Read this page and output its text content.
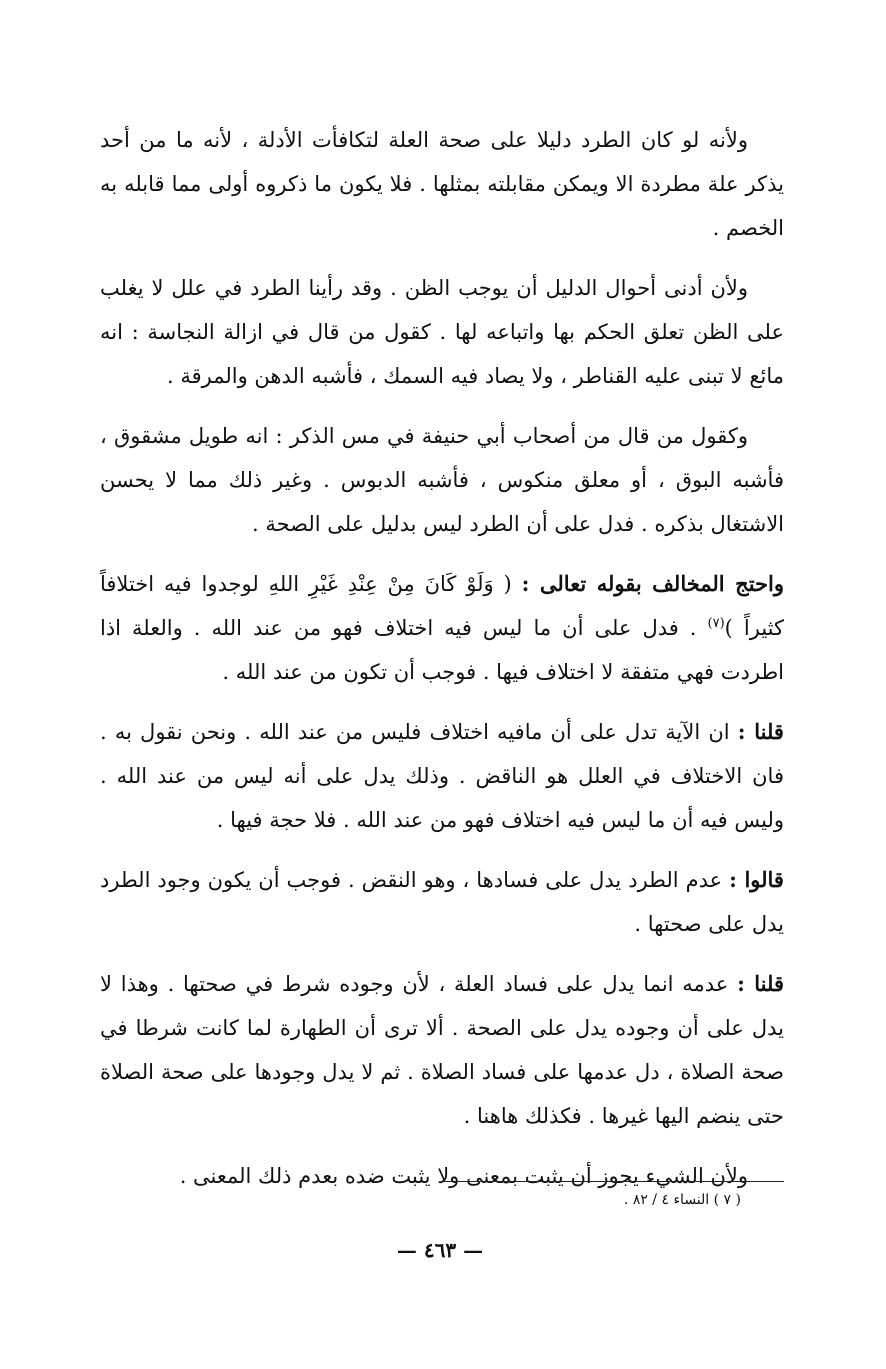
ولأنه لو كان الطرد دليلا على صحة العلة لتكافأت الأدلة ، لأنه ما من أحد يذكر علة مطردة الا ويمكن مقابلته بمثلها . فلا يكون ما ذكروه أولى مما قابله به الخصم .

ولأن أدنى أحوال الدليل أن يوجب الظن . وقد رأينا الطرد في علل لا يغلب على الظن تعلق الحكم بها واتباعه لها . كقول من قال في ازالة النجاسة : انه مائع لا تبنى عليه القناطر ، ولا يصاد فيه السمك ، فأشبه الدهن والمرقة .

وكقول من قال من أصحاب أبي حنيفة في مس الذكر : انه طويل مشقوق ، فأشبه البوق ، أو معلق منكوس ، فأشبه الدبوس . وغير ذلك مما لا يحسن الاشتغال بذكره . فدل على أن الطرد ليس بدليل على الصحة .

واحتج المخالف بقوله تعالى : ( وَلَوْ كَانَ مِنْ عِنْدِ غَيْرِ اللهِ لوجدوا فيه اختلافاً كثيراً )$^{(٧)}$ . فدل على أن ما ليس فيه اختلاف فهو من عند الله . والعلة اذا اطردت فهي متفقة لا اختلاف فيها . فوجب أن تكون من عند الله .

قلنا : ان الآية تدل على أن مافيه اختلاف فليس من عند الله . ونحن نقول به . فان الاختلاف في العلل هو الناقض . وذلك يدل على أنه ليس من عند الله . وليس فيه أن ما ليس فيه اختلاف فهو من عند الله . فلا حجة فيها .

قالوا : عدم الطرد يدل على فسادها ، وهو النقض . فوجب أن يكون وجود الطرد يدل على صحتها .

قلنا : عدمه انما يدل على فساد العلة ، لأن وجوده شرط في صحتها . وهذا لا يدل على أن وجوده يدل على الصحة . ألا ترى أن الطهارة لما كانت شرطا في صحة الصلاة ، دل عدمها على فساد الصلاة . ثم لا يدل وجودها على صحة الصلاة حتى ينضم اليها غيرها . فكذلك هاهنا .

ولأن الشيء يجوز أن يثبت بمعنى ولا يثبت ضده بعدم ذلك المعنى .

( ٧ ) النساء ٤ / ٨٢ .
— ٤٦٣ —
